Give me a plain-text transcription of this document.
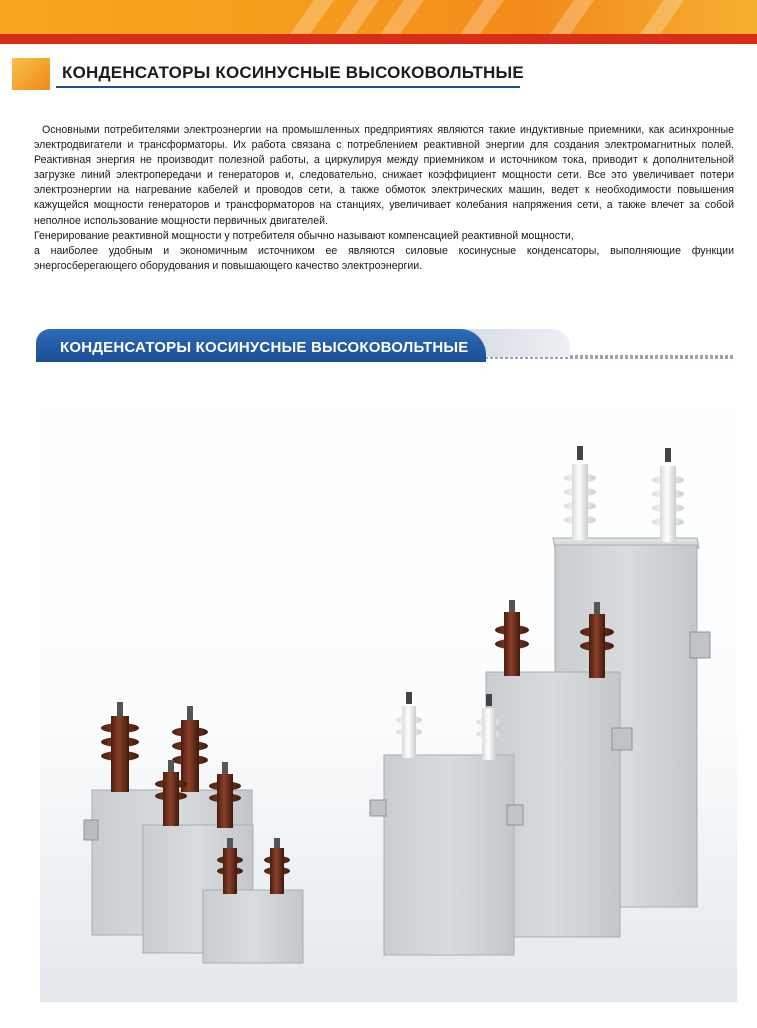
КОНДЕНСАТОРЫ КОСИНУСНЫЕ ВЫСОКОВОЛЬТНЫЕ

Основными потребителями электроэнергии на промышленных предприятиях являются такие индуктивные приемники, как асинхронные электродвигатели и трансформаторы. Их работа связана с потреблением реактивной энергии для создания электромагнитных полей. Реактивная энергия не производит полезной работы, а циркулируя между приемником и источником тока, приводит к дополнительной загрузке линий электропередачи и генераторов и, следовательно, снижает коэффициент мощности сети. Все это увеличивает потери электроэнергии на нагревание кабелей и проводов сети, а также обмоток электрических машин, ведет к необходимости повышения кажущейся мощности генераторов и трансформаторов на станциях, увеличивает колебания напряжения сети, а также влечет за собой неполное использование мощности первичных двигателей.

Генерирование реактивной мощности у потребителя обычно называют компенсацией реактивной мощности,

а наиболее удобным и экономичным источником ее являются силовые косинусные конденсаторы, выполняющие функции энергосберегающего оборудования и повышающего качество электроэнергии.

КОНДЕНСАТОРЫ КОСИНУСНЫЕ ВЫСОКОВОЛЬТНЫЕ
